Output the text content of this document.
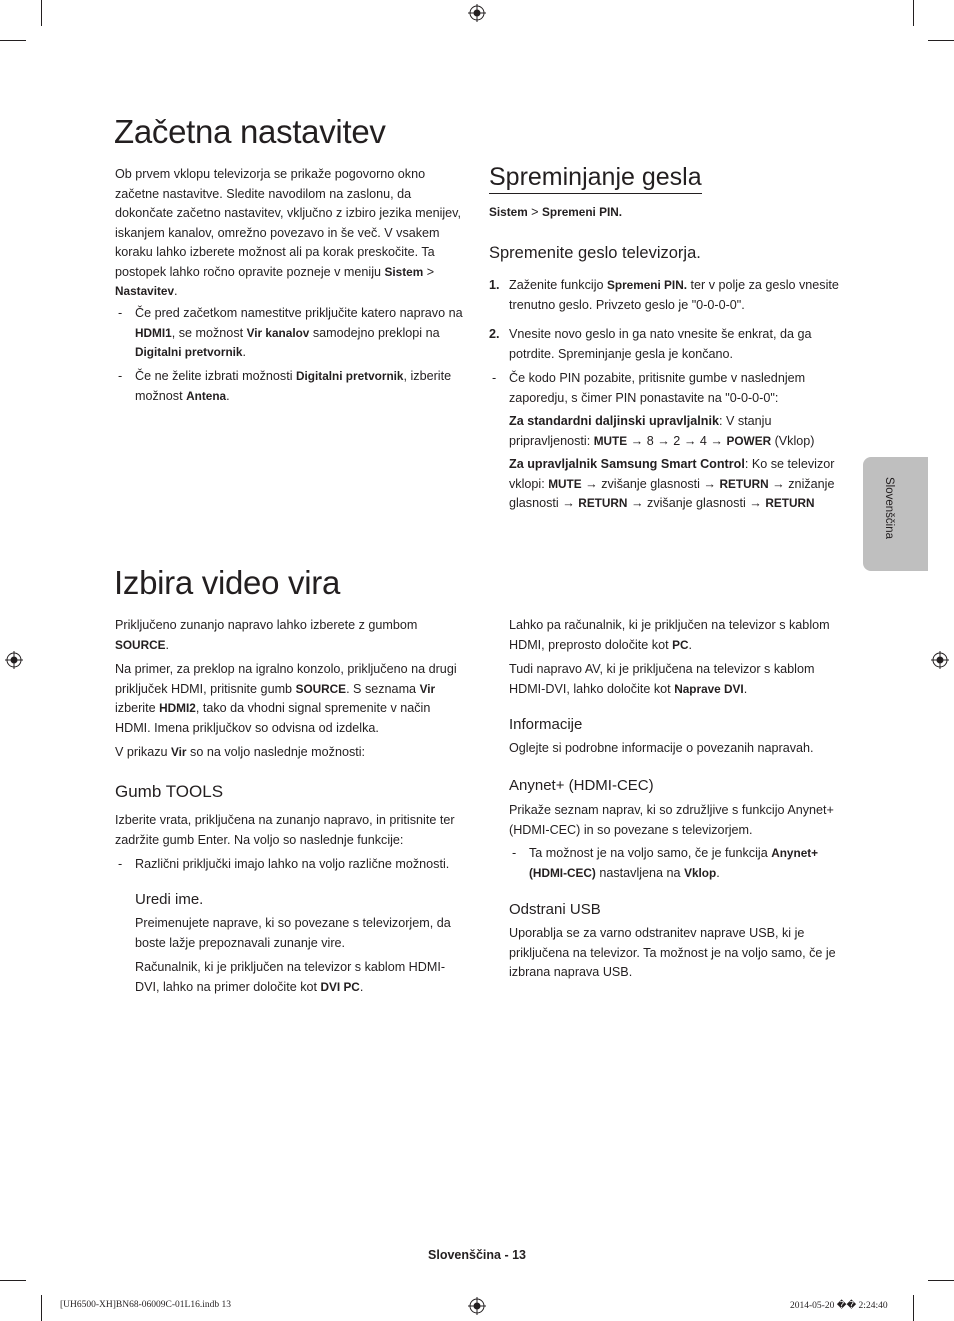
Začetna nastavitev
Ob prvem vklopu televizorja se prikaže pogovorno okno začetne nastavitve. Sledite navodilom na zaslonu, da dokončate začetno nastavitev, vključno z izbiro jezika menijev, iskanjem kanalov, omrežno povezavo in še več. V vsakem koraku lahko izberete možnost ali pa korak preskočite. Ta postopek lahko ročno opravite pozneje v meniju Sistem > Nastavitev.
- Če pred začetkom namestitve priključite katero napravo na HDMI1, se možnost Vir kanalov samodejno preklopi na Digitalni pretvornik.
- Če ne želite izbrati možnosti Digitalni pretvornik, izberite možnost Antena.
Spreminjanje gesla
Sistem > Spremeni PIN.
Spremenite geslo televizorja.
1. Zaženite funkcijo Spremeni PIN. ter v polje za geslo vnesite trenutno geslo. Privzeto geslo je "0-0-0-0".
2. Vnesite novo geslo in ga nato vnesite še enkrat, da ga potrdite. Spreminjanje gesla je končano.
- Če kodo PIN pozabite, pritisnite gumbe v naslednjem zaporedju, s čimer PIN ponastavite na "0-0-0-0":
Za standardni daljinski upravljalnik: V stanju pripravljenosti: MUTE → 8 → 2 → 4 → POWER (Vklop)
Za upravljalnik Samsung Smart Control: Ko se televizor vklopi: MUTE → zvišanje glasnosti → RETURN → znižanje glasnosti → RETURN → zvišanje glasnosti → RETURN	Slovenščina
Izbira video vira
Priključeno zunanjo napravo lahko izberete z gumbom SOURCE.
Na primer, za preklop na igralno konzolo, priključeno na drugi priključek HDMI, pritisnite gumb SOURCE. S seznama Vir izberite HDMI2, tako da vhodni signal spremenite v način HDMI. Imena priključkov so odvisna od izdelka.
V prikazu Vir so na voljo naslednje možnosti:
Gumb TOOLS
Izberite vrata, priključena na zunanjo napravo, in pritisnite ter zadržite gumb Enter. Na voljo so naslednje funkcije:
- Različni priključki imajo lahko na voljo različne možnosti.
Uredi ime.
Preimenujete naprave, ki so povezane s televizorjem, da boste lažje prepoznavali zunanje vire.
Računalnik, ki je priključen na televizor s kablom HDMI-DVI, lahko na primer določite kot DVI PC.
Lahko pa računalnik, ki je priključen na televizor s kablom HDMI, preprosto določite kot PC.
Tudi napravo AV, ki je priključena na televizor s kablom HDMI-DVI, lahko določite kot Naprave DVI.
Informacije
Oglejte si podrobne informacije o povezanih napravah.
Anynet+ (HDMI-CEC)
Prikaže seznam naprav, ki so združljive s funkcijo Anynet+ (HDMI-CEC) in so povezane s televizorjem.
- Ta možnost je na voljo samo, če je funkcija Anynet+ (HDMI-CEC) nastavljena na Vklop.
Odstrani USB
Uporablja se za varno odstranitev naprave USB, ki je priključena na televizor. Ta možnost je na voljo samo, če je izbrana naprava USB.
Slovenščina - 13
[UH6500-XH]BN68-06009C-01L16.indb 13	2014-05-20 �� 2:24:40
